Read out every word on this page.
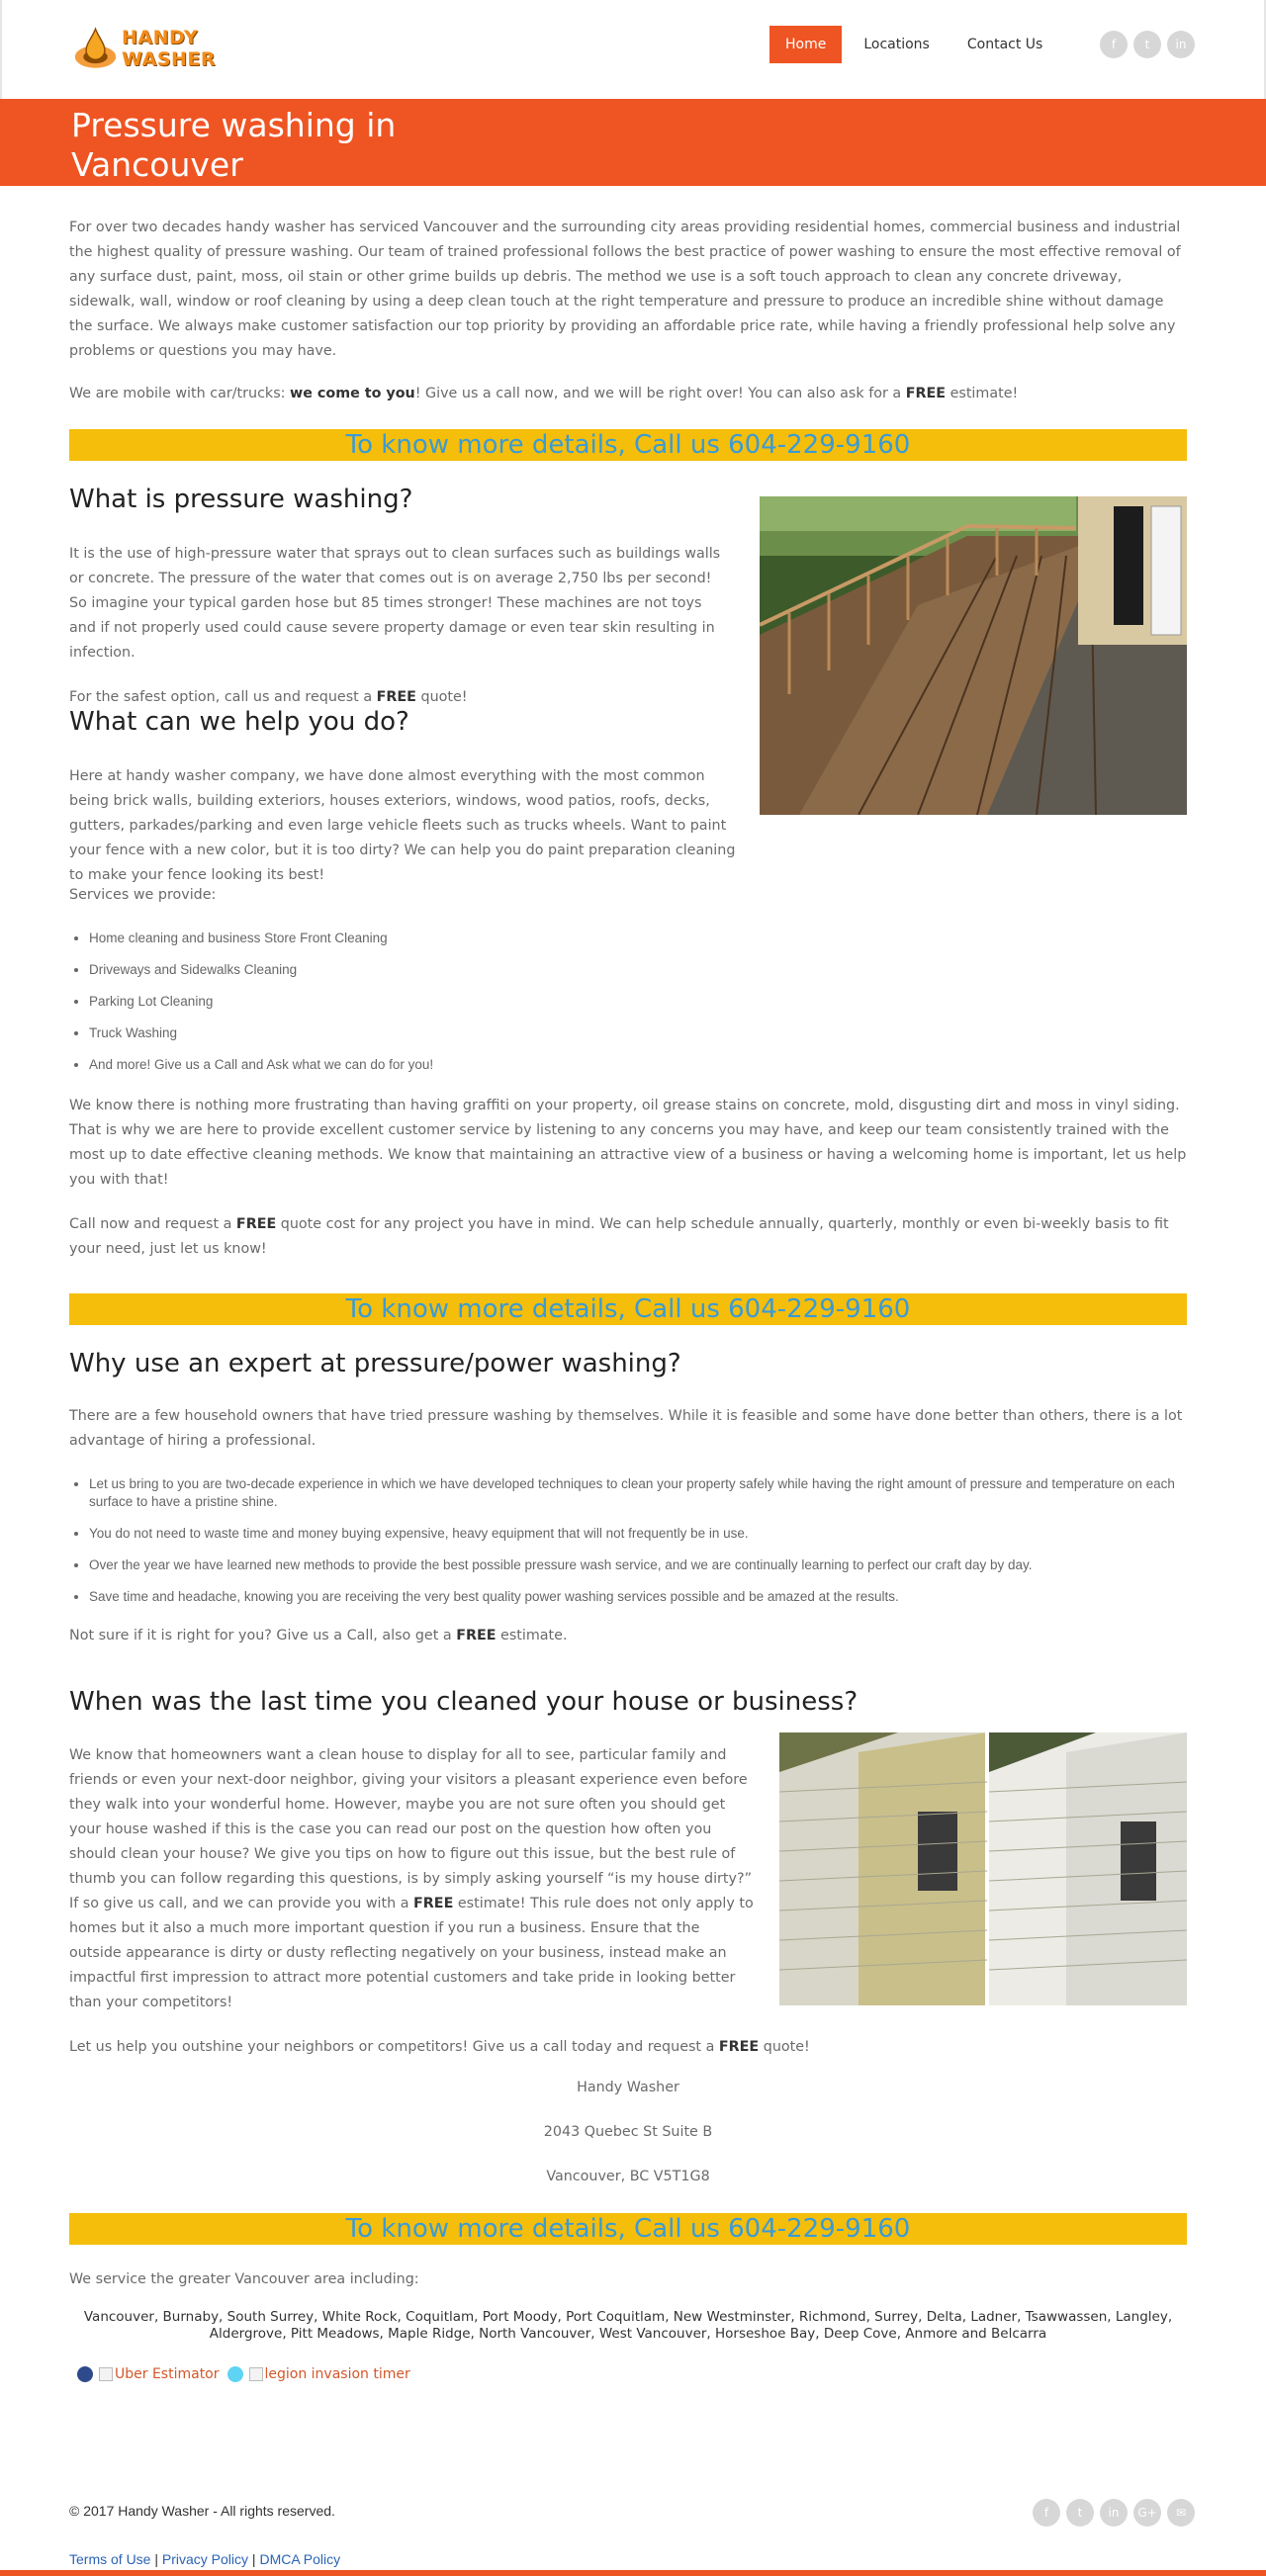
HANDY WASHER
Home	Locations	Contact Us	f	t	in
Pressure washing in Vancouver

For over two decades handy washer has serviced Vancouver and the surrounding city areas providing residential homes, commercial business and industrial the highest quality of pressure washing. Our team of trained professional follows the best practice of power washing to ensure the most effective removal of any surface dust, paint, moss, oil stain or other grime builds up debris. The method we use is a soft touch approach to clean any concrete driveway, sidewalk, wall, window or roof cleaning by using a deep clean touch at the right temperature and pressure to produce an incredible shine without damage the surface. We always make customer satisfaction our top priority by providing an affordable price rate, while having a friendly professional help solve any problems or questions you may have.

We are mobile with car/trucks: we come to you! Give us a call now, and we will be right over! You can also ask for a FREE estimate!

To know more details, Call us 604-229-9160
What is pressure washing?

It is the use of high-pressure water that sprays out to clean surfaces such as buildings walls or concrete. The pressure of the water that comes out is on average 2,750 lbs per second! So imagine your typical garden hose but 85 times stronger! These machines are not toys and if not properly used could cause severe property damage or even tear skin resulting in infection.

For the safest option, call us and request a FREE quote!

What can we help you do?

Here at handy washer company, we have done almost everything with the most common being brick walls, building exteriors, houses exteriors, windows, wood patios, roofs, decks, gutters, parkades/parking and even large vehicle fleets such as trucks wheels. Want to paint your fence with a new color, but it is too dirty? We can help you do paint preparation cleaning to make your fence looking its best!

Services we provide:

• Home cleaning and business Store Front Cleaning
• Driveways and Sidewalks Cleaning
• Parking Lot Cleaning
• Truck Washing
• And more! Give us a Call and Ask what we can do for you!

We know there is nothing more frustrating than having graffiti on your property, oil grease stains on concrete, mold, disgusting dirt and moss in vinyl siding. That is why we are here to provide excellent customer service by listening to any concerns you may have, and keep our team consistently trained with the most up to date effective cleaning methods. We know that maintaining an attractive view of a business or having a welcoming home is important, let us help you with that!

Call now and request a FREE quote cost for any project you have in mind. We can help schedule annually, quarterly, monthly or even bi-weekly basis to fit your need, just let us know!

To know more details, Call us 604-229-9160
Why use an expert at pressure/power washing?

There are a few household owners that have tried pressure washing by themselves. While it is feasible and some have done better than others, there is a lot advantage of hiring a professional.

• Let us bring to you are two-decade experience in which we have developed techniques to clean your property safely while having the right amount of pressure and temperature on each surface to have a pristine shine.
• You do not need to waste time and money buying expensive, heavy equipment that will not frequently be in use.
• Over the year we have learned new methods to provide the best possible pressure wash service, and we are continually learning to perfect our craft day by day.
• Save time and headache, knowing you are receiving the very best quality power washing services possible and be amazed at the results.

Not sure if it is right for you? Give us a Call, also get a FREE estimate.

When was the last time you cleaned your house or business?

We know that homeowners want a clean house to display for all to see, particular family and friends or even your next-door neighbor, giving your visitors a pleasant experience even before they walk into your wonderful home. However, maybe you are not sure often you should get your house washed if this is the case you can read our post on the question how often you should clean your house? We give you tips on how to figure out this issue, but the best rule of thumb you can follow regarding this questions, is by simply asking yourself “is my house dirty?” If so give us call, and we can provide you with a FREE estimate! This rule does not only apply to homes but it also a much more important question if you run a business. Ensure that the outside appearance is dirty or dusty reflecting negatively on your business, instead make an impactful first impression to attract more potential customers and take pride in looking better than your competitors!

Let us help you outshine your neighbors or competitors! Give us a call today and request a FREE quote!

Handy Washer
2043 Quebec St Suite B
Vancouver, BC V5T1G8
To know more details, Call us 604-229-9160

We service the greater Vancouver area including:

Vancouver, Burnaby, South Surrey, White Rock, Coquitlam, Port Moody, Port Coquitlam, New Westminster, Richmond, Surrey, Delta, Ladner, Tsawwassen, Langley, Aldergrove, Pitt Meadows, Maple Ridge, North Vancouver, West Vancouver, Horseshoe Bay, Deep Cove, Anmore and Belcarra
Uber Estimator	legion invasion timer
© 2017 Handy Washer - All rights reserved.	f	t	in	G+	✉
Terms of Use | Privacy Policy | DMCA Policy
